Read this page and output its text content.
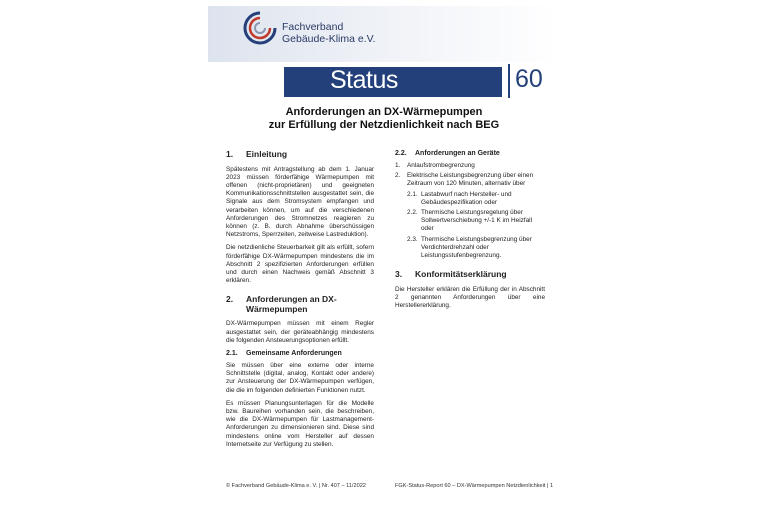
Fachverband
Gebäude-Klima e.V.
Status Report 60
Anforderungen an DX-Wärmepumpen
zur Erfüllung der Netzdienlichkeit nach BEG
1.	Einleitung

Spätestens mit Antragstellung ab dem 1. Januar 2023 müssen förderfähige Wärmepumpen mit offenen (nicht-proprietären) und geeigneten Kommunikationsschnittstellen ausgestattet sein, die Signale aus dem Stromsystem empfangen und verarbeiten können, um auf die verschiedenen Anforderungen des Stromnetzes reagieren zu können (z. B. durch Abnahme überschüssigen Netzstroms, Sperrzeiten, zeitweise Lastreduktion).

Die netzdienliche Steuerbarkeit gilt als erfüllt, sofern förderfähige DX-Wärmepumpen mindestens die im Abschnitt 2 spezifizierten Anforderungen erfüllen und durch einen Nachweis gemäß Abschnitt 3 erklären.

2.	Anforderungen an DX-Wärmepumpen

DX-Wärmepumpen müssen mit einem Regler ausgestattet sein, der geräteabhängig mindestens die folgenden Ansteuerungsoptionen erfüllt.

2.1.	Gemeinsame Anforderungen

Sie müssen über eine externe oder interne Schnittstelle (digital, analog, Kontakt oder andere) zur Ansteuerung der DX-Wärmepumpen verfügen, die die im folgenden definierten Funktionen nutzt.

Es müssen Planungsunterlagen für die Modelle bzw. Baureihen vorhanden sein, die beschreiben, wie die DX-Wärmepumpen für Lastmanagement-Anforderungen zu dimensionieren sind. Diese sind mindestens online vom Hersteller auf dessen Internetseite zur Verfügung zu stellen.

2.2.	Anforderungen an Geräte
1.	Anlaufstrombegrenzung
2.	Elektrische Leistungsbegrenzung über einen Zeitraum von 120 Minuten, alternativ über
2.1. Lastabwurf nach Hersteller- und Gebäudespezifikation oder
2.2. Thermische Leistungsregelung über Sollwertverschiebung +/-1 K im Heizfall oder
2.3. Thermische Leistungsbegrenzung über Verdichterdrehzahl oder Leistungsstufenbegrenzung.
3.	Konformitätserklärung

Die Hersteller erklären die Erfüllung der in Abschnitt 2 genannten Anforderungen über eine Herstellererklärung.

© Fachverband Gebäude-Klima e. V. | Nr. 407 – 11/2022	FGK-Status-Report 60 – DX-Wärmepumpen Netzdienlichkeit | 1
